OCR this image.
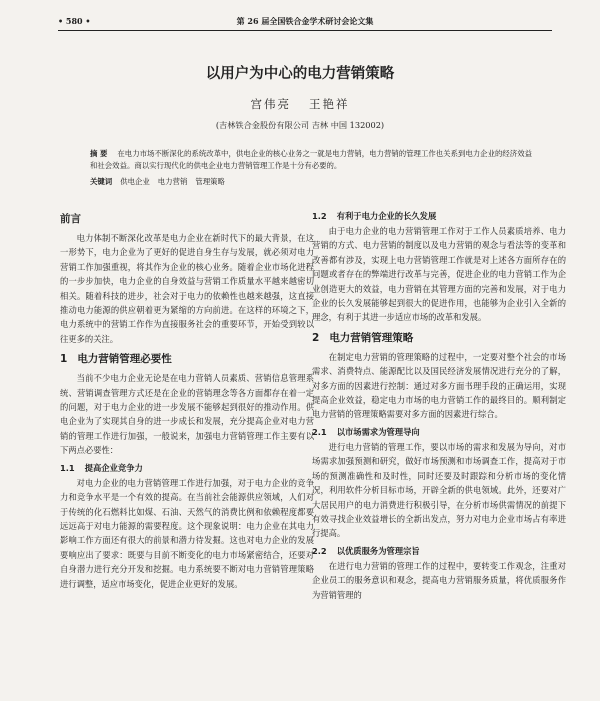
• 580 •	第 26 届全国铁合金学术研讨会论文集
以用户为中心的电力营销策略
宫伟亮 王艳祥
(吉林铁合金股份有限公司 吉林 中国 132002)
摘 要 在电力市场不断深化的系统改革中，供电企业的核心业务之一就是电力营销，电力营销的管理工作也关系到电力企业的经济效益和社会效益。商以实行现代化的供电企业电力营销管理工作是十分有必要的。
关键词 供电企业 电力营销 管理策略
前言

电力体制不断深化改革是电力企业在新时代下的最大背景，在这一形势下，电力企业为了更好的促进自身生存与发展，就必须对电力营销工作加强重视，将其作为企业的核心业务。随着企业市场化进程的一步步加快，电力企业的自身效益与营销工作质量水平越来越密切相关。随着科技的进步，社会对于电力的依赖性也越来越强，这直接推动电力能源的供应朝着更为紧缩的方向前进。在这样的环境之下，电力系统中的营销工作作为直接服务社会的重要环节，开始受到较以往更多的关注。

1 电力营销管理必要性

当前不少电力企业无论是在电力营销人员素质、营销信息管理系统、营销调查管理方式还是在企业的营销理念等各方面都存在着一定的问题，对于电力企业的进一步发展不能够起到很好的推动作用。供电企业为了实现其自身的进一步成长和发展，充分提高企业对电力营销的管理工作进行加强，一般说来，加强电力营销管理工作主要有以下两点必要性：

1.1 提高企业竞争力

对电力企业的电力营销管理工作进行加强，对于电力企业的竞争力和竞争水平是一个有效的提高。在当前社会能源供应领域，人们对于传统的化石燃料比如煤、石油、天然气的消费比例和依赖程度都要远远高于对电力能源的需要程度。这个现象说明：电力企业在其电力影响工作方面还有很大的前景和潜力待发掘。这也对电力企业的发展要响应出了要求：既要与目前不断变化的电力市场紧密结合，还要对自身潜力进行充分开发和挖掘。电力系统要不断对电力营销管理策略进行调整，适应市场变化，促进企业更好的发展。

1.2 有利于电力企业的长久发展

由于电力企业的电力营销管理工作对于工作人员素质培养、电力营销的方式、电力营销的制度以及电力营销的观念与看法等的变革和改善都有涉及，实现上电力营销管理工作就是对上述各方面所存在的问题或者存在的弊端进行改革与完善，促进企业的电力营销工作为企业创造更大的效益，电力营销在其管理方面的完善和发展，对于电力企业的长久发展能够起到很大的促进作用，也能够为企业引入全新的理念，有利于其进一步适应市场的改革和发展。

2 电力营销管理策略

在制定电力营销的管理策略的过程中，一定要对整个社会的市场需求、消费特点、能源配比以及国民经济发展情况进行充分的了解，对多方面的因素进行控制：通过对多方面书理手段的正确运用，实现提高企业效益，稳定电力市场的电力营销工作的最终目的。顺利制定电力营销的管理策略需要对多方面的因素进行综合。

2.1 以市场需求为管理导向

进行电力营销的管理工作，要以市场的需求和发展为导向，对市场需求加强预测和研究，做好市场预测和市场调查工作，提高对于市场的预测准确性和及时性，同时还要及时跟踪和分析市场的变化情况，利用软件分析目标市场，开辟全新的供电领域。此外，还要对广大居民用户的电力消费进行积极引导，在分析市场供需情况的前提下有效寻找企业效益增长的全新出发点，努力对电力企业市场占有率进行提高。

2.2 以优质服务为管理宗旨

在进行电力营销的管理工作的过程中，要转变工作观念，注重对企业员工的服务意识和观念，提高电力营销服务质量，将优质服务作为营销管理的
